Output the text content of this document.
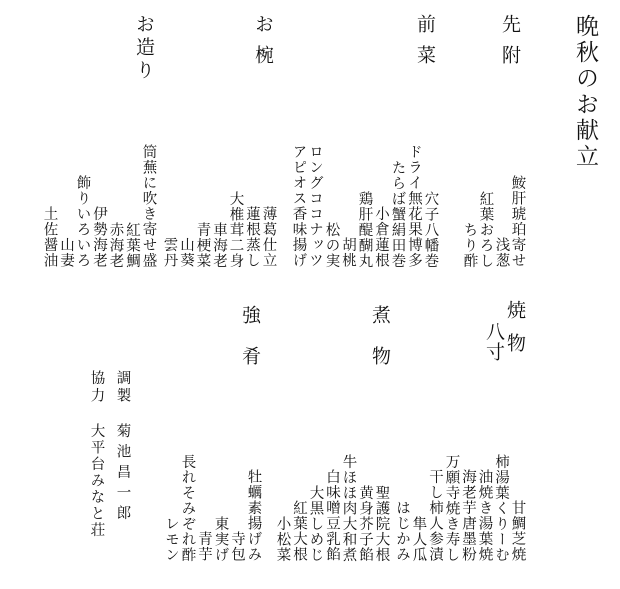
晩秋のお献立
先附
前菜
お椀
お造り
鮟肝琥珀寄せ
浅葱
紅葉おろし
ちり酢
穴子八幡巻
ドライ無花果博多
たらば蟹絹田巻
小倉蓮根
鶏肝醍醐丸
胡桃
松の実
ロングココナッツ
アピオス香味揚げ
薄葛仕立
蓮根蒸し
大椎茸二身
車海老
青梗菜
山葵
雲丹
筒蕪に吹き寄せ盛
紅葉鯛
赤海老
伊勢海老
飾りいろいろ
山妻
土佐醤油
焼物
八寸
煮物
強肴
甘鯛芝焼
柿湯葉くりーむ
油焼き湯葉焼
海老芋唐墨粉
万願寺焼き寿し
干し柿人参漬
隼人瓜
はじかみ
聖護院大根
黄身芥子餡
牛ほほ肉大和煮
白味噌豆乳餡
大黒しめじ
紅葉大根
小松菜
牡蠣素揚げみ
寺包
東実げ
青芋
長れそみぞれ酢
レモン
調製
菊池昌一郎
協力
大平台みなと荘
